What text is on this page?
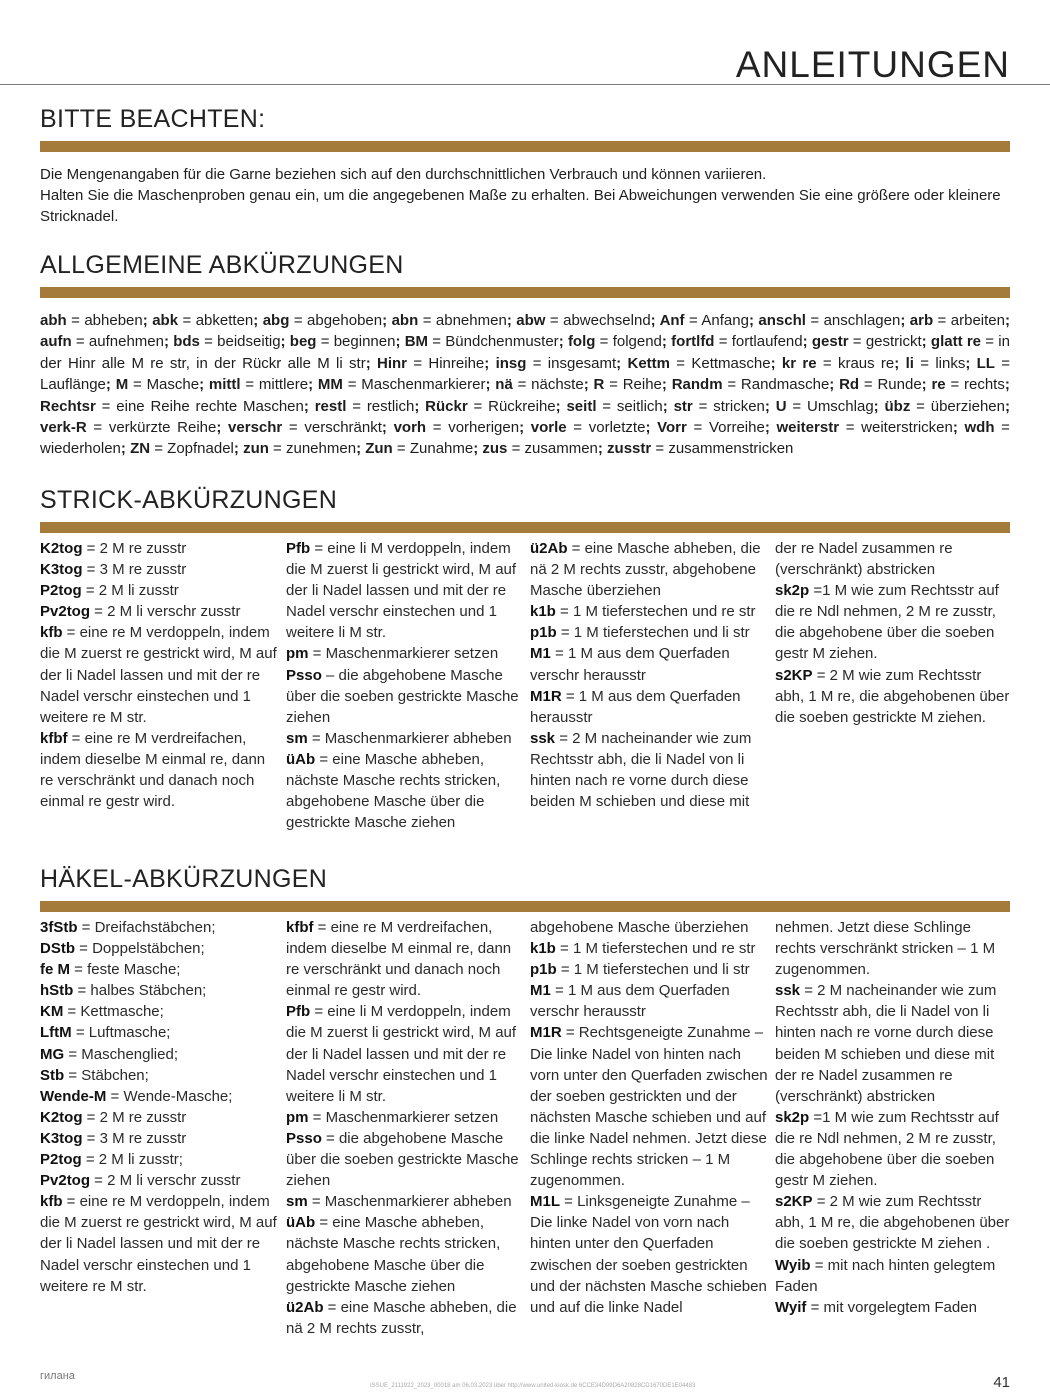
ANLEITUNGEN
BITTE BEACHTEN:

Die Mengenangaben für die Garne beziehen sich auf den durchschnittlichen Verbrauch und können variieren.

Halten Sie die Maschenproben genau ein, um die angegebenen Maße zu erhalten. Bei Abweichungen verwenden Sie eine größere oder kleinere Stricknadel.

ALLGEMEINE ABKÜRZUNGEN

abh = abheben; abk = abketten; abg = abgehoben; abn = abnehmen; abw = abwechselnd; Anf = Anfang; anschl = anschlagen; arb = arbeiten; aufn = aufnehmen; bds = beidseitig; beg = beginnen; BM = Bündchenmuster; folg = folgend; fortlfd = fortlaufend; gestr = gestrickt; glatt re = in der Hinr alle M re str, in der Rückr alle M li str; Hinr = Hinreihe; insg = insgesamt; Kettm = Kettmasche; kr re = kraus re; li = links; LL = Lauflänge; M = Masche; mittl = mittlere; MM = Maschenmarkierer; nä = nächste; R = Reihe; Randm = Randmasche; Rd = Runde; re = rechts; Rechtsr = eine Reihe rechte Maschen; restl = restlich; Rückr = Rückreihe; seitl = seitlich; str = stricken; U = Umschlag; übz = überziehen; verk-R = verkürzte Reihe; verschr = verschränkt; vorh = vorherigen; vorle = vorletzte; Vorr = Vorreihe; weiterstr = weiterstricken; wdh = wiederholen; ZN = Zopfnadel; zun = zunehmen; Zun = Zunahme; zus = zusammen; zusstr = zusammenstricken

STRICK-ABKÜRZUNGEN
K2tog = 2 M re zusstr
K3tog = 3 M re zusstr
P2tog = 2 M li zusstr
Pv2tog = 2 M li verschr zusstr
kfb = eine re M verdoppeln, indem die M zuerst re gestrickt wird, M auf der li Nadel lassen und mit der re Nadel verschr einstechen und 1 weitere re M str.
kfbf = eine re M verdreifachen, indem dieselbe M einmal re, dann re verschränkt und danach noch einmal re gestr wird.
Pfb = eine li M verdoppeln, indem die M zuerst li gestrickt wird, M auf der li Nadel lassen und mit der re Nadel verschr einstechen und 1 weitere li M str.
pm = Maschenmarkierer setzen
Psso – die abgehobene Masche über die soeben gestrickte Masche ziehen
sm = Maschenmarkierer abheben
üAb = eine Masche abheben, nächste Masche rechts stricken, abgehobene Masche über die gestrickte Masche ziehen
ü2Ab = eine Masche abheben, die nä 2 M rechts zusstr, abgehobene Masche überziehen
k1b = 1 M tieferstechen und re str
p1b = 1 M tieferstechen und li str
M1 = 1 M aus dem Querfaden verschr herausstr
M1R = 1 M aus dem Querfaden herausstr
ssk = 2 M nacheinander wie zum Rechtsstr abh, die li Nadel von li hinten nach re vorne durch diese beiden M schieben und diese mit
der re Nadel zusammen re (verschränkt) abstricken
sk2p =1 M wie zum Rechtsstr auf die re Ndl nehmen, 2 M re zusstr, die abgehobene über die soeben gestr M ziehen.
s2KP = 2 M wie zum Rechtsstr abh, 1 M re, die abgehobenen über die soeben gestrickte M ziehen.
HÄKEL-ABKÜRZUNGEN
3fStb = Dreifachstäbchen;
DStb = Doppelstäbchen;
fe M = feste Masche;
hStb = halbes Stäbchen;
KM = Kettmasche;
LftM = Luftmasche;
MG = Maschenglied;
Stb = Stäbchen;
Wende-M = Wende-Masche;
K2tog = 2 M re zusstr
K3tog = 3 M re zusstr
P2tog = 2 M li zusstr;
Pv2tog = 2 M li verschr zusstr
kfb = eine re M verdoppeln, indem die M zuerst re gestrickt wird, M auf der li Nadel lassen und mit der re Nadel verschr einstechen und 1 weitere re M str.
kfbf = eine re M verdreifachen, indem dieselbe M einmal re, dann re verschränkt und danach noch einmal re gestr wird.
Pfb = eine li M verdoppeln, indem die M zuerst li gestrickt wird, M auf der li Nadel lassen und mit der re Nadel verschr einstechen und 1 weitere li M str.
pm = Maschenmarkierer setzen
Psso = die abgehobene Masche über die soeben gestrickte Masche ziehen
sm = Maschenmarkierer abheben
üAb = eine Masche abheben, nächste Masche rechts stricken, abgehobene Masche über die gestrickte Masche ziehen
ü2Ab = eine Masche abheben, die nä 2 M rechts zusstr,
abgehobene Masche überziehen
k1b = 1 M tieferstechen und re str
p1b = 1 M tieferstechen und li str
M1 = 1 M aus dem Querfaden verschr herausstr
M1R = Rechtsgeneigte Zunahme – Die linke Nadel von hinten nach vorn unter den Querfaden zwischen der soeben gestrickten und der nächsten Masche schieben und auf die linke Nadel nehmen. Jetzt diese Schlinge rechts stricken – 1 M zugenommen.
M1L = Linksgeneigte Zunahme – Die linke Nadel von vorn nach hinten unter den Querfaden zwischen der soeben gestrickten und der nächsten Masche schieben und auf die linke Nadel
nehmen. Jetzt diese Schlinge rechts verschränkt stricken – 1 M zugenommen.
ssk = 2 M nacheinander wie zum Rechtsstr abh, die li Nadel von li hinten nach re vorne durch diese beiden M schieben und diese mit der re Nadel zusammen re (verschränkt) abstricken
sk2p =1 M wie zum Rechtsstr auf die re Ndl nehmen, 2 M re zusstr, die abgehobene über die soeben gestr M ziehen.
s2KP = 2 M wie zum Rechtsstr abh, 1 M re, die abgehobenen über die soeben gestrickte M ziehen .
Wyib = mit nach hinten gelegtem Faden
Wyif = mit vorgelegtem Faden
гилана
ISSUE_2111922_2023_00018 am 06.03.2023 über http://www.united-kiosk.de 6CCE34D99D6A20828CD1670DE1E04483	41
